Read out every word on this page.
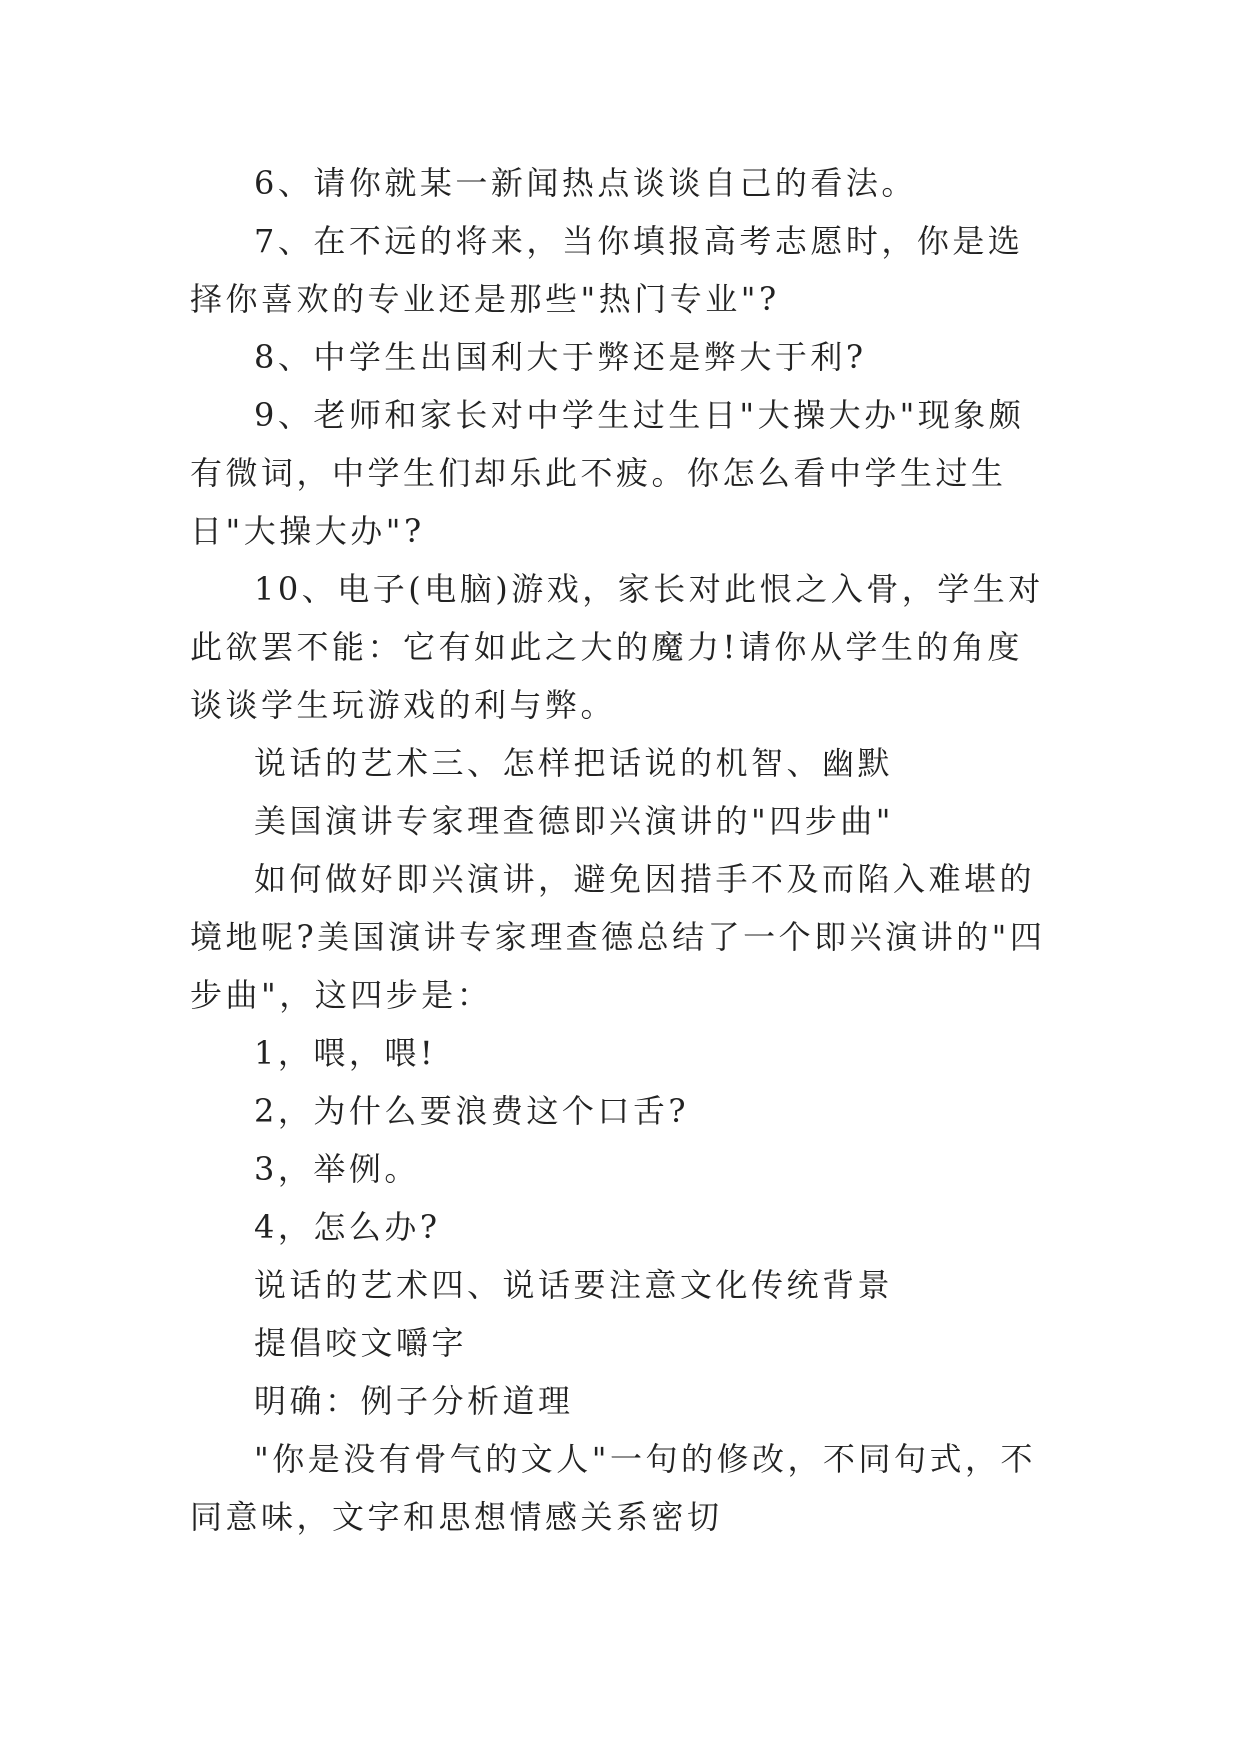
6、请你就某一新闻热点谈谈自己的看法。

7、在不远的将来，当你填报高考志愿时，你是选择你喜欢的专业还是那些"热门专业"?

8、中学生出国利大于弊还是弊大于利?

9、老师和家长对中学生过生日"大操大办"现象颇有微词，中学生们却乐此不疲。你怎么看中学生过生日"大操大办"?

10、电子(电脑)游戏，家长对此恨之入骨，学生对此欲罢不能：它有如此之大的魔力!请你从学生的角度谈谈学生玩游戏的利与弊。

说话的艺术三、怎样把话说的机智、幽默

美国演讲专家理查德即兴演讲的"四步曲"

如何做好即兴演讲，避免因措手不及而陷入难堪的境地呢?美国演讲专家理查德总结了一个即兴演讲的"四步曲"，这四步是：

1，喂，喂!

2，为什么要浪费这个口舌?

3，举例。

4，怎么办?

说话的艺术四、说话要注意文化传统背景

提倡咬文嚼字

明确：例子分析道理

"你是没有骨气的文人"一句的修改，不同句式，不同意味，文字和思想情感关系密切
